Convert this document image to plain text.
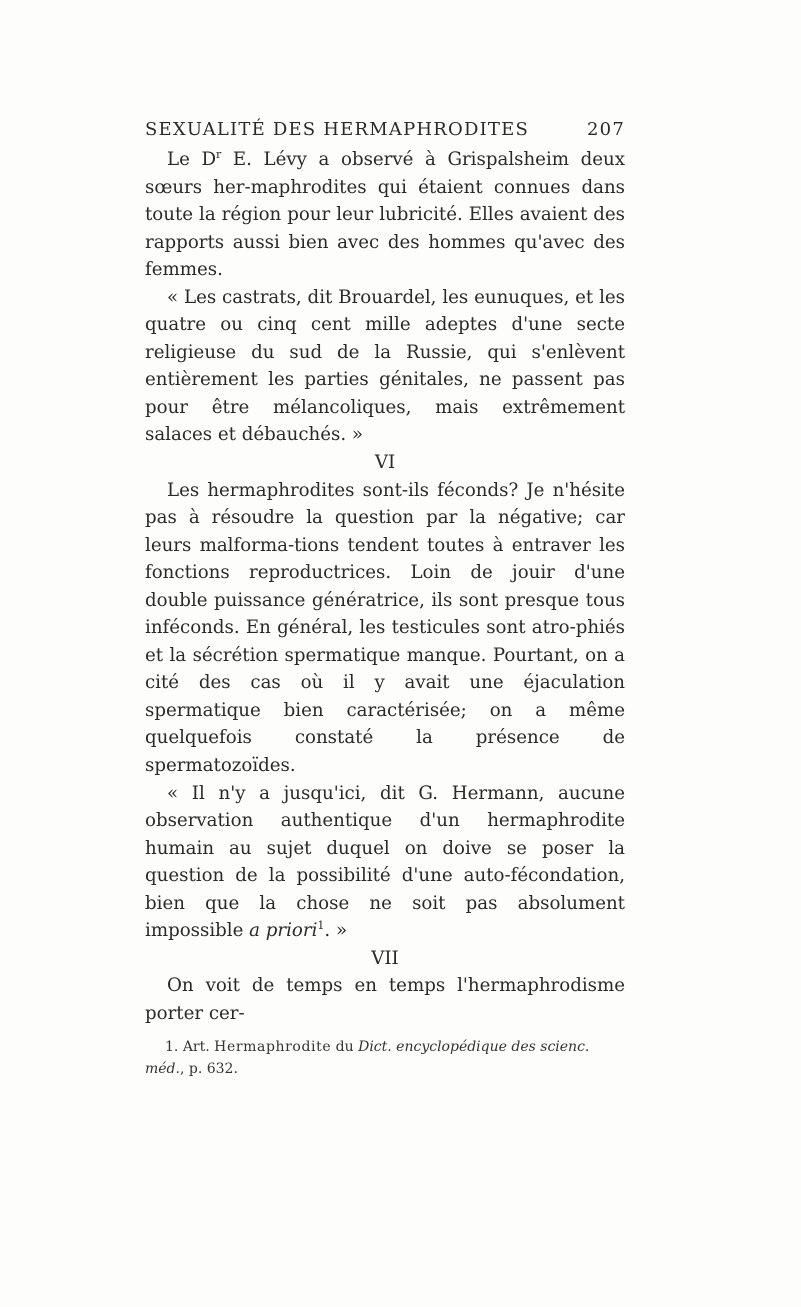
SEXUALITÉ DES HERMAPHRODITES	207

Le $D^r$ E. Lévy a observé à Grispalsheim deux sœurs her-maphrodites qui étaient connues dans toute la région pour leur lubricité. Elles avaient des rapports aussi bien avec des hommes qu'avec des femmes.

« Les castrats, dit Brouardel, les eunuques, et les quatre ou cinq cent mille adeptes d'une secte religieuse du sud de la Russie, qui s'enlèvent entièrement les parties génitales, ne passent pas pour être mélancoliques, mais extrêmement salaces et débauchés. »

VI

Les hermaphrodites sont-ils féconds? Je n'hésite pas à résoudre la question par la négative; car leurs malforma-tions tendent toutes à entraver les fonctions reproductrices. Loin de jouir d'une double puissance génératrice, ils sont presque tous inféconds. En général, les testicules sont atro-phiés et la sécrétion spermatique manque. Pourtant, on a cité des cas où il y avait une éjaculation spermatique bien caractérisée; on a même quelquefois constaté la présence de spermatozoïdes.

« Il n'y a jusqu'ici, dit G. Hermann, aucune observation authentique d'un hermaphrodite humain au sujet duquel on doive se poser la question de la possibilité d'une auto-fécondation, bien que la chose ne soit pas absolument impossible a priori$^1$. »

VII

On voit de temps en temps l'hermaphrodisme porter cer-

1. Art. Hermaphrodite du Dict. encyclopédique des scienc. méd., p. 632.
